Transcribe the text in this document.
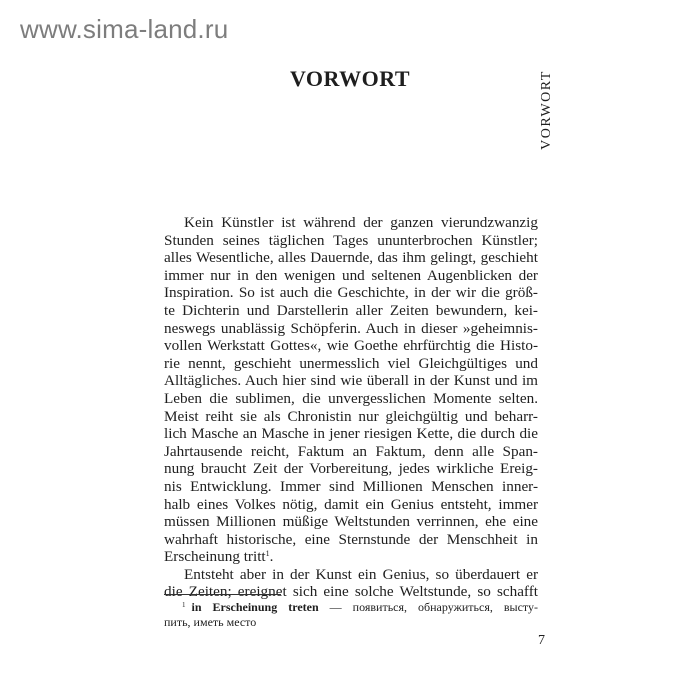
www.sima-land.ru
VORWORT	VORWORT
Kein Künstler ist während der ganzen vierundzwanzig
Stunden seines täglichen Tages ununterbrochen Künstler;
alles Wesentliche, alles Dauernde, das ihm gelingt, geschieht
immer nur in den wenigen und seltenen Augenblicken der
Inspiration. So ist auch die Geschichte, in der wir die größ-
te Dichterin und Darstellerin aller Zeiten bewundern, kei-
neswegs unablässig Schöpferin. Auch in dieser »geheimnis-
vollen Werkstatt Gottes«, wie Goethe ehrfürchtig die Histo-
rie nennt, geschieht unermesslich viel Gleichgültiges und
Alltägliches. Auch hier sind wie überall in der Kunst und im
Leben die sublimen, die unvergesslichen Momente selten.
Meist reiht sie als Chronistin nur gleichgültig und beharr-
lich Masche an Masche in jener riesigen Kette, die durch die
Jahrtausende reicht, Faktum an Faktum, denn alle Span-
nung braucht Zeit der Vorbereitung, jedes wirkliche Ereig-
nis Entwicklung. Immer sind Millionen Menschen inner-
halb eines Volkes nötig, damit ein Genius entsteht, immer
müssen Millionen müßige Weltstunden verrinnen, ehe eine
wahrhaft historische, eine Sternstunde der Menschheit in
Erscheinung tritt$^1$.
Entsteht aber in der Kunst ein Genius, so überdauert er
die Zeiten; ereignet sich eine solche Weltstunde, so schafft
$^1$ in Erscheinung treten — появиться, обнаружиться, высту-
пить, иметь место
7
